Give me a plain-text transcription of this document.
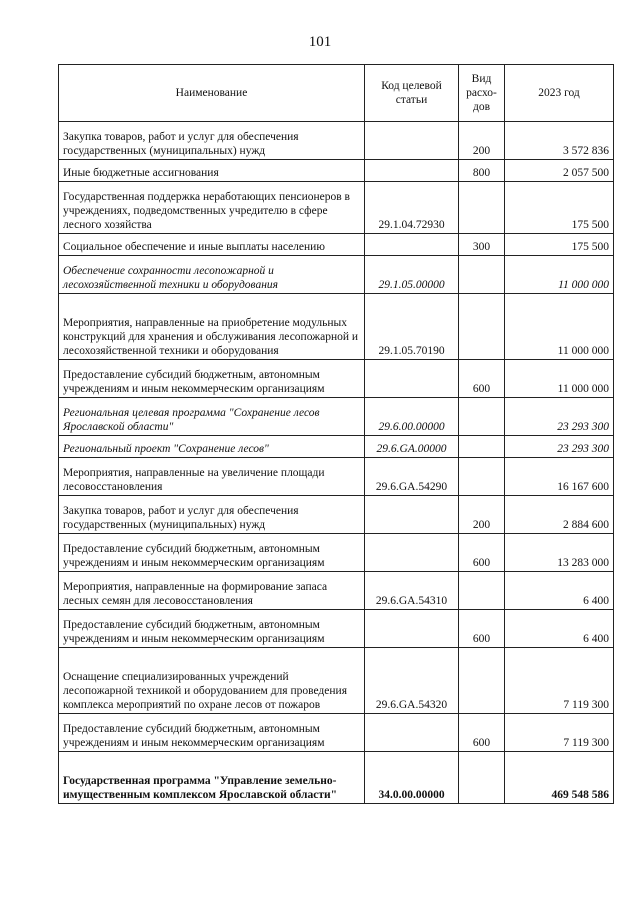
101
Наименование	Код целевой статьи	Вид расхо-дов	2023 год
Закупка товаров, работ и услуг для обеспечения государственных (муниципальных) нужд		200	3 572 836
Иные бюджетные ассигнования		800	2 057 500
Государственная поддержка неработающих пенсионеров в учреждениях, подведомственных учредителю в сфере лесного хозяйства	29.1.04.72930		175 500
Социальное обеспечение и иные выплаты населению		300	175 500
Обеспечение сохранности лесопожарной и лесохозяйственной техники и оборудования	29.1.05.00000		11 000 000
Мероприятия, направленные на приобретение модульных конструкций для хранения и обслуживания лесопожарной и лесохозяйственной техники и оборудования	29.1.05.70190		11 000 000
Предоставление субсидий бюджетным, автономным учреждениям и иным некоммерческим организациям		600	11 000 000
Региональная целевая программа "Сохранение лесов Ярославской области"	29.6.00.00000		23 293 300
Региональный проект "Сохранение лесов"	29.6.GA.00000		23 293 300
Мероприятия, направленные на увеличение площади лесовосстановления	29.6.GA.54290		16 167 600
Закупка товаров, работ и услуг для обеспечения государственных (муниципальных) нужд		200	2 884 600
Предоставление субсидий бюджетным, автономным учреждениям и иным некоммерческим организациям		600	13 283 000
Мероприятия, направленные на формирование запаса лесных семян для лесовосстановления	29.6.GA.54310		6 400
Предоставление субсидий бюджетным, автономным учреждениям и иным некоммерческим организациям		600	6 400
Оснащение специализированных учреждений лесопожарной техникой и оборудованием для проведения комплекса мероприятий по охране лесов от пожаров	29.6.GA.54320		7 119 300
Предоставление субсидий бюджетным, автономным учреждениям и иным некоммерческим организациям		600	7 119 300
Государственная программа "Управление земельно-имущественным комплексом Ярославской области"	34.0.00.00000		469 548 586
